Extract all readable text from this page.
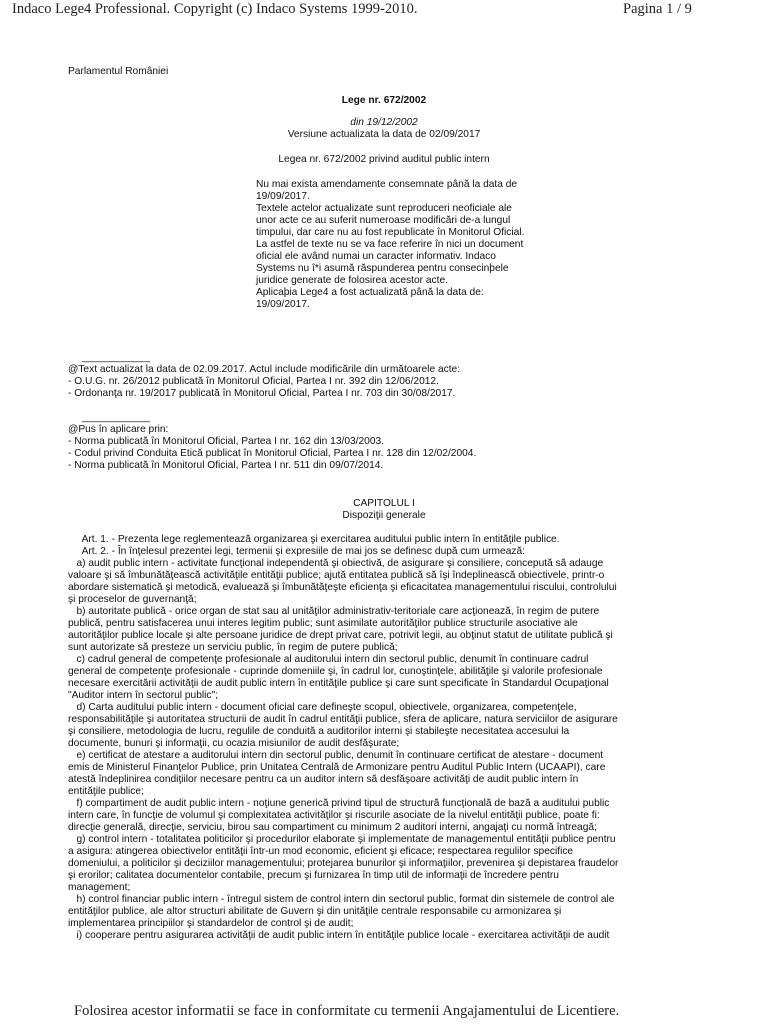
Indaco Lege4 Professional. Copyright (c) Indaco Systems 1999-2010.	Pagina 1 / 9
Parlamentul României
Lege nr. 672/2002
din 19/12/2002
Versiune actualizata la data de 02/09/2017
Legea nr. 672/2002 privind auditul public intern
Nu mai exista amendamente consemnate până la data de
19/09/2017.
Textele actelor actualizate sunt reproduceri neoficiale ale
unor acte ce au suferit numeroase modificări de-a lungul
timpului, dar care nu au fost republicate în Monitorul Oficial.
La astfel de texte nu se va face referire în nici un document
oficial ele având numai un caracter informativ. Indaco
Systems nu î*i asumă răspunderea pentru consecinþele
juridice generate de folosirea acestor acte.
Aplicaþia Lege4 a fost actualizată până la data de:
19/09/2017.
____________
@Text actualizat la data de 02.09.2017. Actul include modificările din următoarele acte:
- O.U.G. nr. 26/2012 publicată în Monitorul Oficial, Partea I nr. 392 din 12/06/2012.
- Ordonanţa nr. 19/2017 publicată în Monitorul Oficial, Partea I nr. 703 din 30/08/2017.
____________
@Pus în aplicare prin:
- Norma publicată în Monitorul Oficial, Partea I nr. 162 din 13/03/2003.
- Codul privind Conduita Etică publicat în Monitorul Oficial, Partea I nr. 128 din 12/02/2004.
- Norma publicată în Monitorul Oficial, Partea I nr. 511 din 09/07/2014.
CAPITOLUL I
Dispoziţii generale
Art. 1. - Prezenta lege reglementează organizarea şi exercitarea auditului public intern în entităţile publice.
Art. 2. - În înţelesul prezentei legi, termenii şi expresiile de mai jos se definesc după cum urmează:
a) audit public intern - activitate funcţional independentă şi obiectivă, de asigurare şi consiliere, concepută să adauge
valoare şi să îmbunătăţească activităţile entităţii publice; ajută entitatea publică să îşi îndeplinească obiectivele, printr-o
abordare sistematică şi metodică, evaluează şi îmbunătăţeşte eficienţa şi eficacitatea managementului riscului, controlului
şi proceselor de guvernanţă;
b) autoritate publică - orice organ de stat sau al unităţilor administrativ-teritoriale care acţionează, în regim de putere
publică, pentru satisfacerea unui interes legitim public; sunt asimilate autorităţilor publice structurile asociative ale
autorităţilor publice locale şi alte persoane juridice de drept privat care, potrivit legii, au obţinut statut de utilitate publică şi
sunt autorizate să presteze un serviciu public, în regim de putere publică;
c) cadrul general de competenţe profesionale al auditorului intern din sectorul public, denumit în continuare cadrul
general de competenţe profesionale - cuprinde domeniile şi, în cadrul lor, cunoştinţele, abilităţile şi valorile profesionale
necesare exercitării activităţii de audit public intern în entităţile publice şi care sunt specificate în Standardul Ocupaţional
"Auditor intern în sectorul public";
d) Carta auditului public intern - document oficial care defineşte scopul, obiectivele, organizarea, competenţele,
responsabilităţile şi autoritatea structurii de audit în cadrul entităţii publice, sfera de aplicare, natura serviciilor de asigurare
şi consiliere, metodologia de lucru, regulile de conduită a auditorilor interni şi stabileşte necesitatea accesului la
documente, bunuri şi informaţii, cu ocazia misiunilor de audit desfăşurate;
e) certificat de atestare a auditorului intern din sectorul public, denumit în continuare certificat de atestare - document
emis de Ministerul Finanţelor Publice, prin Unitatea Centrală de Armonizare pentru Auditul Public Intern (UCAAPI), care
atestă îndeplinirea condiţiilor necesare pentru ca un auditor intern să desfăşoare activităţi de audit public intern în
entităţile publice;
f) compartiment de audit public intern - noţiune generică privind tipul de structură funcţională de bază a auditului public
intern care, în funcţie de volumul şi complexitatea activităţilor şi riscurile asociate de la nivelul entităţii publice, poate fi:
direcţie generală, direcţie, serviciu, birou sau compartiment cu minimum 2 auditori interni, angajaţi cu normă întreagă;
g) control intern - totalitatea politicilor şi procedurilor elaborate şi implementate de managementul entităţii publice pentru
a asigura: atingerea obiectivelor entităţii într-un mod economic, eficient şi eficace; respectarea regulilor specifice
domeniului, a politicilor şi deciziilor managementului; protejarea bunurilor şi informaţiilor, prevenirea şi depistarea fraudelor
şi erorilor; calitatea documentelor contabile, precum şi furnizarea în timp util de informaţii de încredere pentru
management;
h) control financiar public intern - întregul sistem de control intern din sectorul public, format din sistemele de control ale
entităţilor publice, ale altor structuri abilitate de Guvern şi din unităţile centrale responsabile cu armonizarea şi
implementarea principiilor şi standardelor de control şi de audit;
i) cooperare pentru asigurarea activităţii de audit public intern în entităţile publice locale - exercitarea activităţii de audit
Folosirea acestor informatii se face in conformitate cu termenii Angajamentului de Licentiere.
